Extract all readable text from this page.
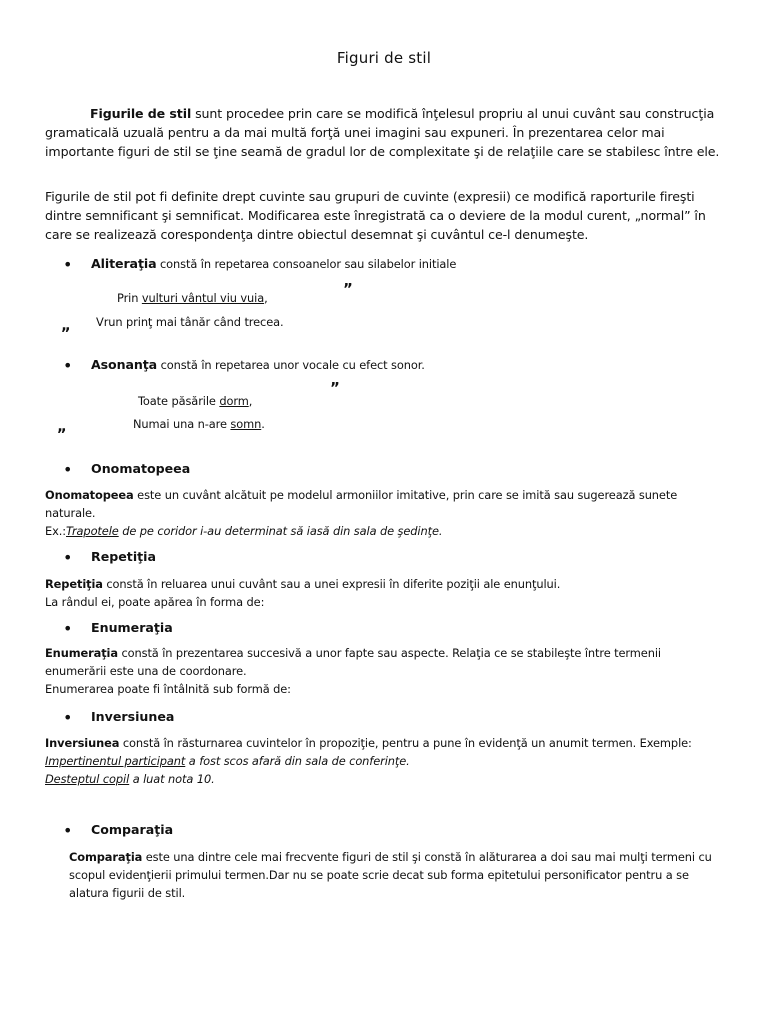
Figuri de stil
Figurile de stil sunt procedee prin care se modifică înţelesul propriu al unui cuvânt sau construcţia gramaticală uzuală pentru a da mai multă forţă unei imagini sau expuneri. În prezentarea celor mai importante figuri de stil se ţine seamă de gradul lor de complexitate şi de relaţiile care se stabilesc între ele.
Figurile de stil pot fi definite drept cuvinte sau grupuri de cuvinte (expresii) ce modifică raporturile fireşti dintre semnificant şi semnificat. Modificarea este înregistrată ca o deviere de la modul curent, „normal” în care se realizează corespondenţa dintre obiectul desemnat şi cuvântul ce-l denumeşte.
• Aliteraţia constă în repetarea consoanelor sau silabelor initiale
”
Prin vulturi vântul viu vuia,
„ Vrun prinţ mai tânăr când trecea.
• Asonanţa constă în repetarea unor vocale cu efect sonor.
”
Toate păsările dorm,
„	Numai una n-are somn.
• Onomatopeea
Onomatopeea este un cuvânt alcătuit pe modelul armoniilor imitative, prin care se imită sau sugerează sunete naturale.
Ex.:Trapotele de pe coridor i-au determinat să iasă din sala de şedinţe.
• Repetiţia
Repetiţia constă în reluarea unui cuvânt sau a unei expresii în diferite poziţii ale enunţului.
La rândul ei, poate apărea în forma de:
• Enumeraţia
Enumeraţia constă în prezentarea succesivă a unor fapte sau aspecte. Relaţia ce se stabileşte între termenii enumerării este una de coordonare.
Enumerarea poate fi întâlnită sub formă de:
• Inversiunea
Inversiunea constă în răsturnarea cuvintelor în propoziţie, pentru a pune în evidenţă un anumit termen. Exemple:
Impertinentul participant a fost scos afară din sala de conferinţe.
Desteptul copil a luat nota 10.
• Comparaţia
Comparaţia este una dintre cele mai frecvente figuri de stil şi constă în alăturarea a doi sau mai mulţi termeni cu scopul evidenţierii primului termen.Dar nu se poate scrie decat sub forma epitetului personificator pentru a se alatura figurii de stil.
